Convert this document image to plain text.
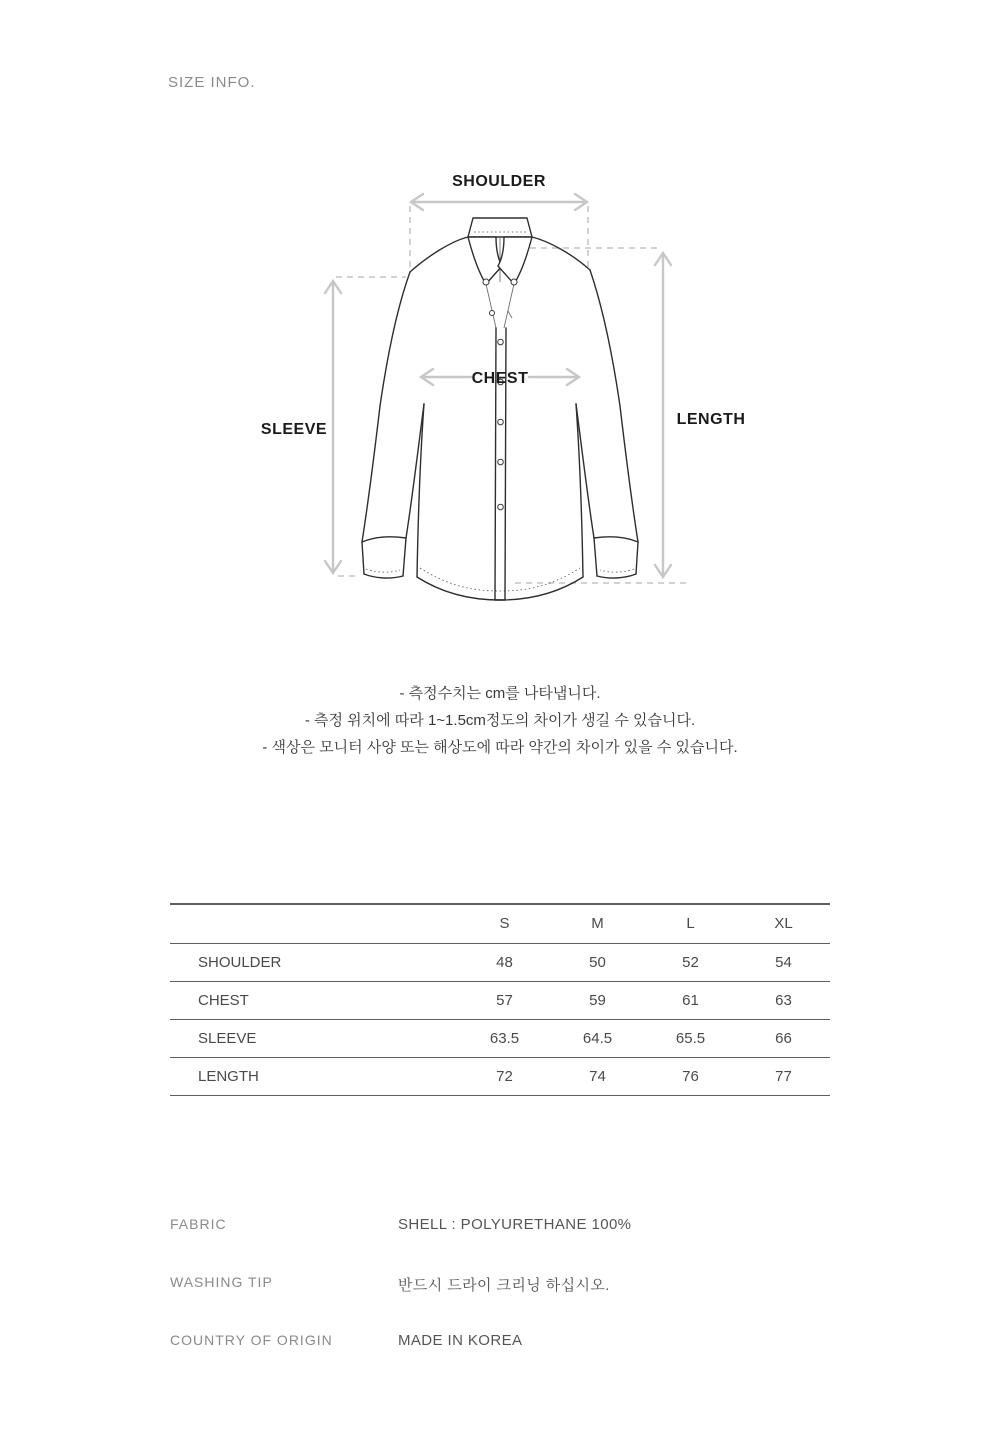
SIZE INFO.
SHOULDER
CHEST
SLEEVE
LENGTH
- 측정수치는 cm를 나타냅니다.
- 측정 위치에 따라 1~1.5cm정도의 차이가 생길 수 있습니다.
- 색상은 모니터 사양 또는 해상도에 따라 약간의 차이가 있을 수 있습니다.
	S	M	L	XL
SHOULDER	48	50	52	54
CHEST	57	59	61	63
SLEEVE	63.5	64.5	65.5	66
LENGTH	72	74	76	77
FABRIC	SHELL : POLYURETHANE 100%
WASHING TIP	반드시 드라이 크리닝 하십시오.
COUNTRY OF ORIGIN	MADE IN KOREA
